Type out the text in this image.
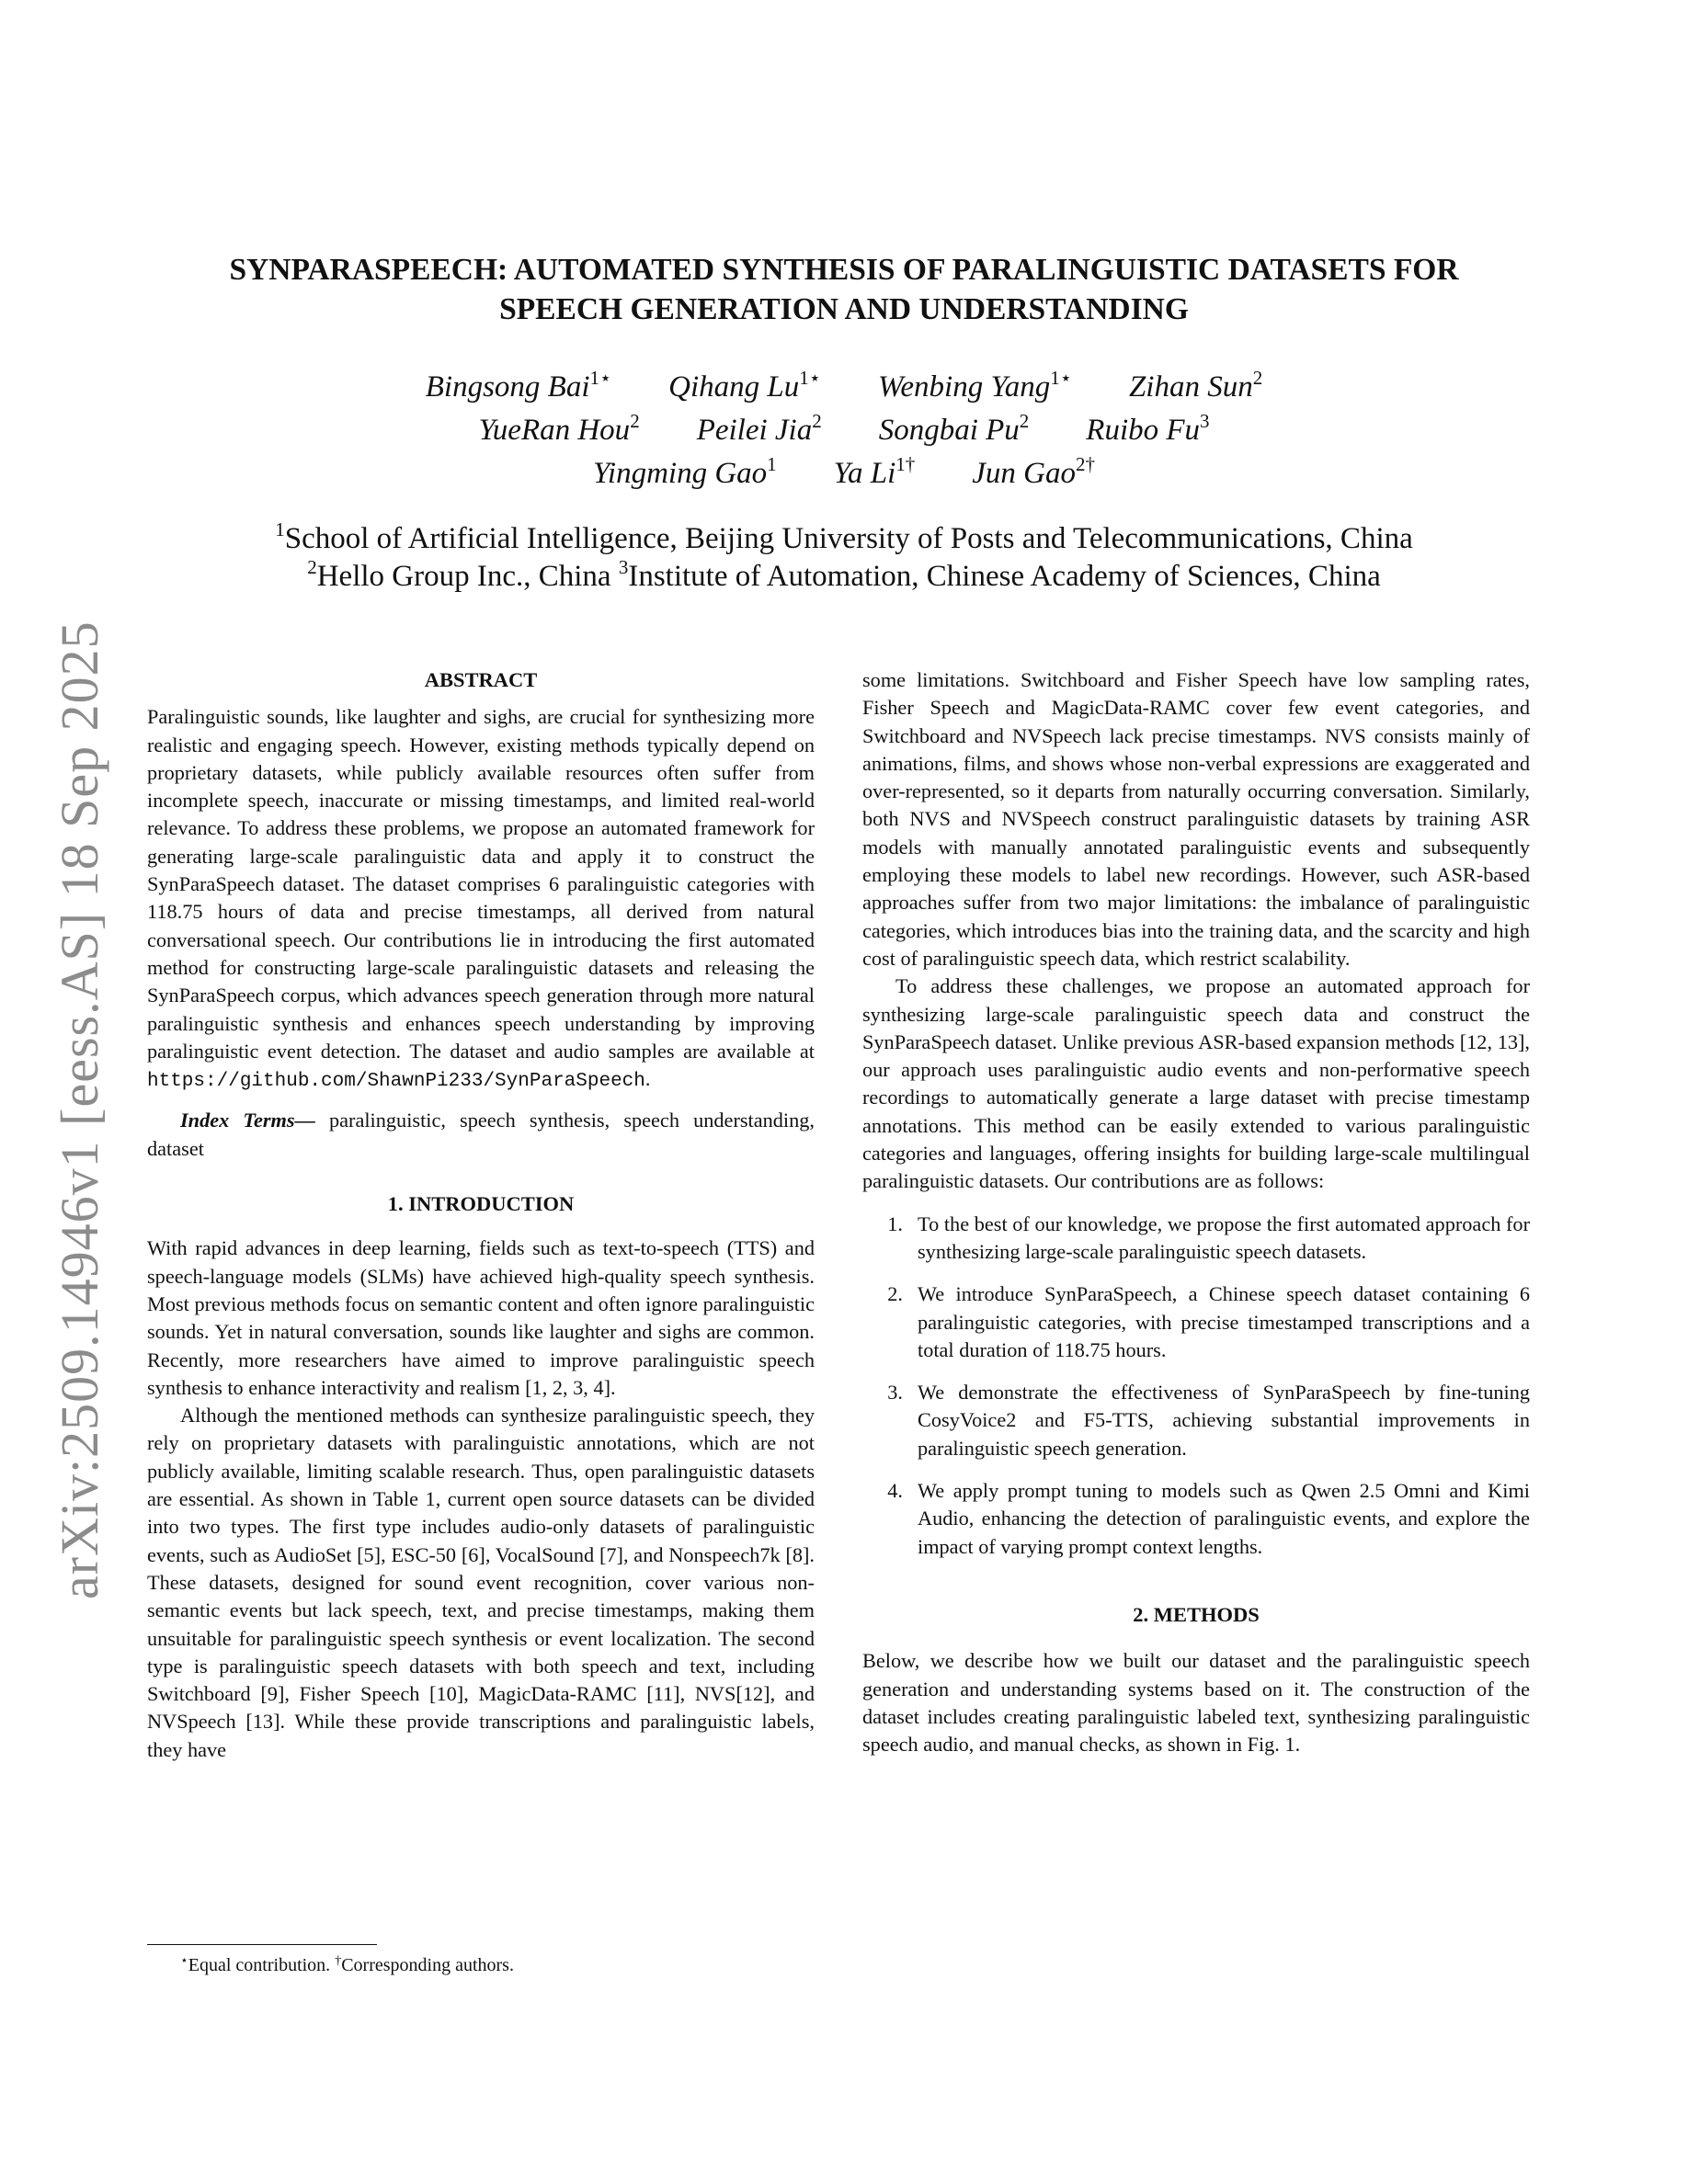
arXiv:2509.14946v1 [eess.AS] 18 Sep 2025
SYNPARASPEECH: AUTOMATED SYNTHESIS OF PARALINGUISTIC DATASETS FOR
SPEECH GENERATION AND UNDERSTANDING
Bingsong Bai$^{1⋆}$ Qihang $Lu^{1⋆}$ Wenbing Yang$^{1⋆}$ Zihan Sun$^2$
YueRan Hou$^2$ Peilei Jia$^2$ Songbai Pu$^2$ Ruibo Fu$^3$
Yingming Gao$^1$ Ya $Li^{1\dagger}$ Jun Gao$^{2\dagger}$
$^1$School of Artificial Intelligence, Beijing University of Posts and Telecommunications, China
$^2$Hello Group Inc., China $^3$Institute of Automation, Chinese Academy of Sciences, China

ABSTRACT

Paralinguistic sounds, like laughter and sighs, are crucial for synthesizing more realistic and engaging speech. However, existing methods typically depend on proprietary datasets, while publicly available resources often suffer from incomplete speech, inaccurate or missing timestamps, and limited real-world relevance. To address these problems, we propose an automated framework for generating large-scale paralinguistic data and apply it to construct the SynParaSpeech dataset. The dataset comprises 6 paralinguistic categories with 118.75 hours of data and precise timestamps, all derived from natural conversational speech. Our contributions lie in introducing the first automated method for constructing large-scale paralinguistic datasets and releasing the SynParaSpeech corpus, which advances speech generation through more natural paralinguistic synthesis and enhances speech understanding by improving paralinguistic event detection. The dataset and audio samples are available at https://github.com/ShawnPi233/SynParaSpeech.

Index Terms— paralinguistic, speech synthesis, speech understanding, dataset

1. INTRODUCTION

With rapid advances in deep learning, fields such as text-to-speech (TTS) and speech-language models (SLMs) have achieved high-quality speech synthesis. Most previous methods focus on semantic content and often ignore paralinguistic sounds. Yet in natural conversation, sounds like laughter and sighs are common. Recently, more researchers have aimed to improve paralinguistic speech synthesis to enhance interactivity and realism [1, 2, 3, 4].

Although the mentioned methods can synthesize paralinguistic speech, they rely on proprietary datasets with paralinguistic annotations, which are not publicly available, limiting scalable research. Thus, open paralinguistic datasets are essential. As shown in Table 1, current open source datasets can be divided into two types. The first type includes audio-only datasets of paralinguistic events, such as AudioSet [5], ESC-50 [6], VocalSound [7], and Nonspeech7k [8]. These datasets, designed for sound event recognition, cover various non-semantic events but lack speech, text, and precise timestamps, making them unsuitable for paralinguistic speech synthesis or event localization. The second type is paralinguistic speech datasets with both speech and text, including Switchboard [9], Fisher Speech [10], MagicData-RAMC [11], NVS[12], and NVSpeech [13]. While these provide transcriptions and paralinguistic labels, they have

some limitations. Switchboard and Fisher Speech have low sampling rates, Fisher Speech and MagicData-RAMC cover few event categories, and Switchboard and NVSpeech lack precise timestamps. NVS consists mainly of animations, films, and shows whose non-verbal expressions are exaggerated and over-represented, so it departs from naturally occurring conversation. Similarly, both NVS and NVSpeech construct paralinguistic datasets by training ASR models with manually annotated paralinguistic events and subsequently employing these models to label new recordings. However, such ASR-based approaches suffer from two major limitations: the imbalance of paralinguistic categories, which introduces bias into the training data, and the scarcity and high cost of paralinguistic speech data, which restrict scalability.

To address these challenges, we propose an automated approach for synthesizing large-scale paralinguistic speech data and construct the SynParaSpeech dataset. Unlike previous ASR-based expansion methods [12, 13], our approach uses paralinguistic audio events and non-performative speech recordings to automatically generate a large dataset with precise timestamp annotations. This method can be easily extended to various paralinguistic categories and languages, offering insights for building large-scale multilingual paralinguistic datasets. Our contributions are as follows:

1. To the best of our knowledge, we propose the first automated approach for synthesizing large-scale paralinguistic speech datasets.
2. We introduce SynParaSpeech, a Chinese speech dataset containing 6 paralinguistic categories, with precise timestamped transcriptions and a total duration of 118.75 hours.
3. We demonstrate the effectiveness of SynParaSpeech by fine-tuning CosyVoice2 and F5-TTS, achieving substantial improvements in paralinguistic speech generation.
4. We apply prompt tuning to models such as Qwen 2.5 Omni and Kimi Audio, enhancing the detection of paralinguistic events, and explore the impact of varying prompt context lengths.

2. METHODS

Below, we describe how we built our dataset and the paralinguistic speech generation and understanding systems based on it. The construction of the dataset includes creating paralinguistic labeled text, synthesizing paralinguistic speech audio, and manual checks, as shown in Fig. 1.

⋆Equal contribution. †Corresponding authors.
